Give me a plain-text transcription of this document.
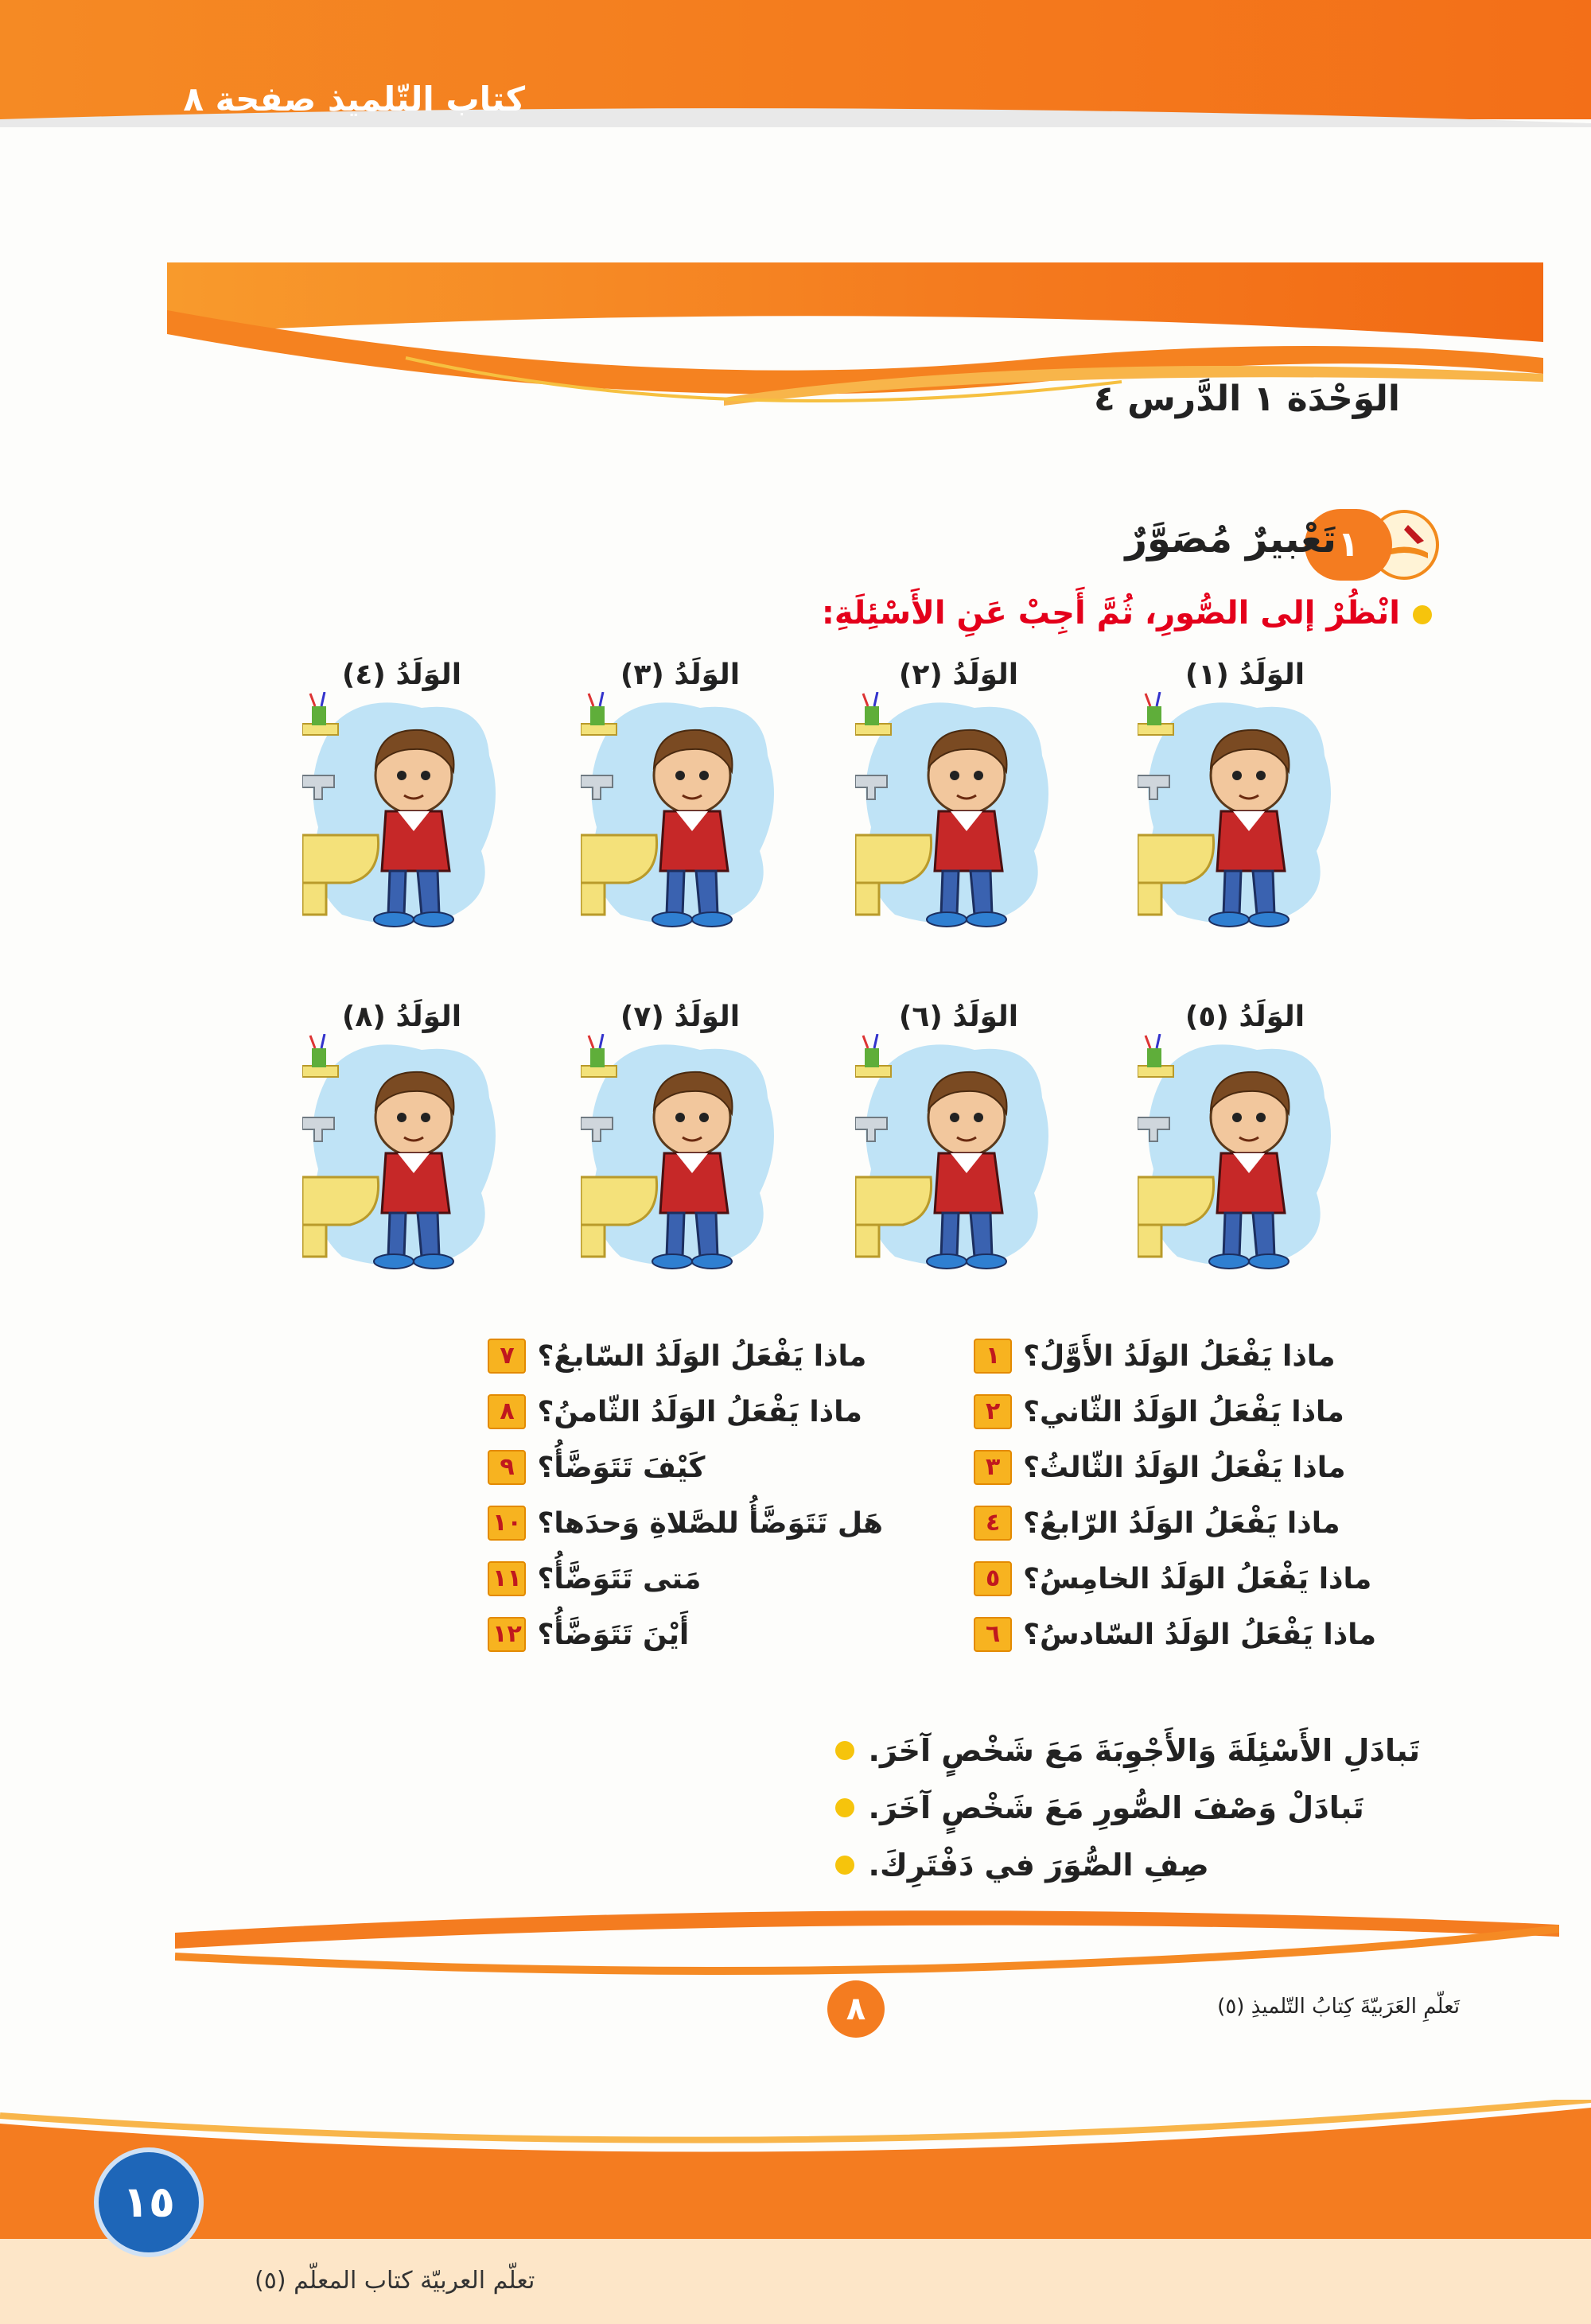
كتاب التّلميذ صفحة ٨
الوَحْدَة ١ الدَّرس ٤
١
تَعْبيرٌ مُصَوَّرٌ
انْظُرْ إلى الصُّورِ، ثُمَّ أَجِبْ عَنِ الأَسْئِلَةِ:
الوَلَدُ (١)
الوَلَدُ (٢)
الوَلَدُ (٣)
الوَلَدُ (٤)
الوَلَدُ (٥)
الوَلَدُ (٦)
الوَلَدُ (٧)
الوَلَدُ (٨)
١ ماذا يَفْعَلُ الوَلَدُ الأَوَّلُ؟
٢ ماذا يَفْعَلُ الوَلَدُ الثّاني؟
٣ ماذا يَفْعَلُ الوَلَدُ الثّالثُ؟
٤ ماذا يَفْعَلُ الوَلَدُ الرّابعُ؟
٥ ماذا يَفْعَلُ الوَلَدُ الخامِسُ؟
٦ ماذا يَفْعَلُ الوَلَدُ السّادسُ؟
٧ ماذا يَفْعَلُ الوَلَدُ السّابعُ؟
٨ ماذا يَفْعَلُ الوَلَدُ الثّامنُ؟
٩ كَيْفَ تَتَوَضَّأُ؟
١٠ هَل تَتَوَضَّأُ للصَّلاةِ وَحدَها؟
١١ مَتى تَتَوَضَّأُ؟
١٢ أَيْنَ تَتَوَضَّأُ؟
تَبادَلِ الأَسْئِلَةَ وَالأَجْوِبَةَ مَعَ شَخْصٍ آخَرَ.
تَبادَلْ وَصْفَ الصُّورِ مَعَ شَخْصٍ آخَرَ.
صِفِ الصُّوَرَ في دَفْتَرِكَ.
٨	تَعلّمِ العَرَبيّةَ كِتابُ التّلميذِ (٥)
١٥
تعلّم العربيّة كتاب المعلّم (٥)
